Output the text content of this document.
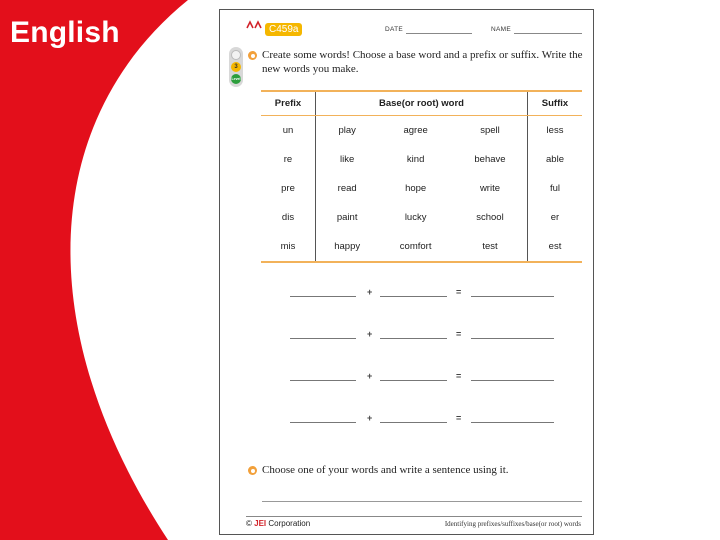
English	C459a	DATE	NAME
3
Level
Create some words! Choose a base word and a prefix or suffix. Write the new words you make.
Prefix	Base(or root) word			Suffix
un	play	agree	spell	less
re	like	kind	behave	able
pre	read	hope	write	ful
dis	paint	lucky	school	er
mis	happy	comfort	test	est
+	=
+	=
+	=
+	=
Choose one of your words and write a sentence using it.
© JEI Corporation	Identifying prefixes/suffixes/base(or root) words
